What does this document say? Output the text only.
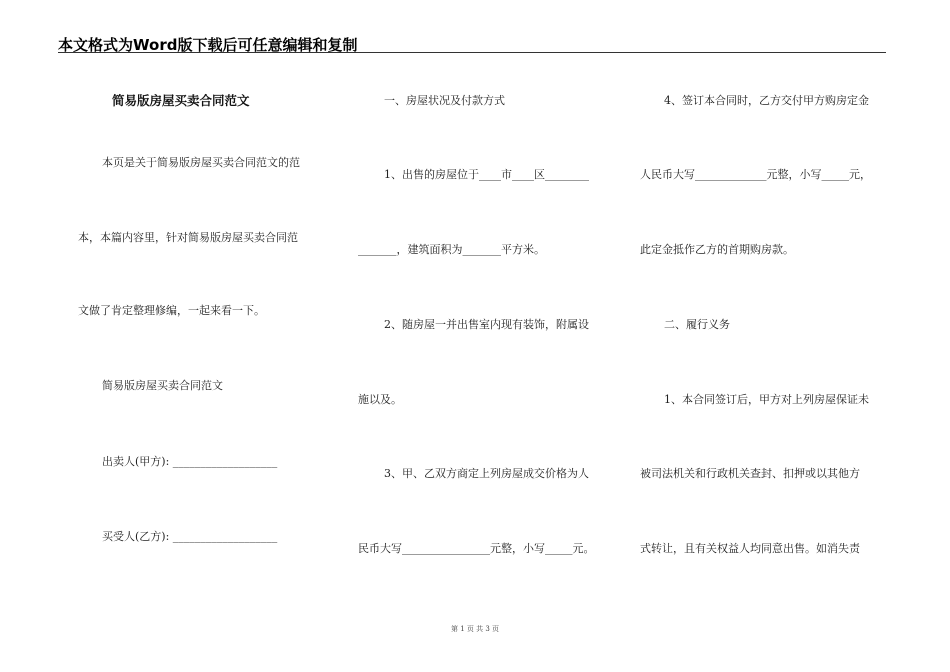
本文格式为Word版下载后可任意编辑和复制
简易版房屋买卖合同范文
本页是关于简易版房屋买卖合同范文的范
本，本篇内容里，针对简易版房屋买卖合同范
文做了肯定整理修编，一起来看一下。
简易版房屋买卖合同范文
出卖人(甲方): ___________________
买受人(乙方): ___________________
一、房屋状况及付款方式
1、出售的房屋位于____市____区________
_______，建筑面积为_______平方米。
2、随房屋一并出售室内现有装饰，附属设
施以及。
3、甲、乙双方商定上列房屋成交价格为人
民币大写________________元整，小写_____元。
4、签订本合同时，乙方交付甲方购房定金
人民币大写_____________元整，小写_____元，
此定金抵作乙方的首期购房款。
二、履行义务
1、本合同签订后，甲方对上列房屋保证未
被司法机关和行政机关查封、扣押或以其他方
式转让，且有关权益人均同意出售。如消失责
第 1 页 共 3 页
